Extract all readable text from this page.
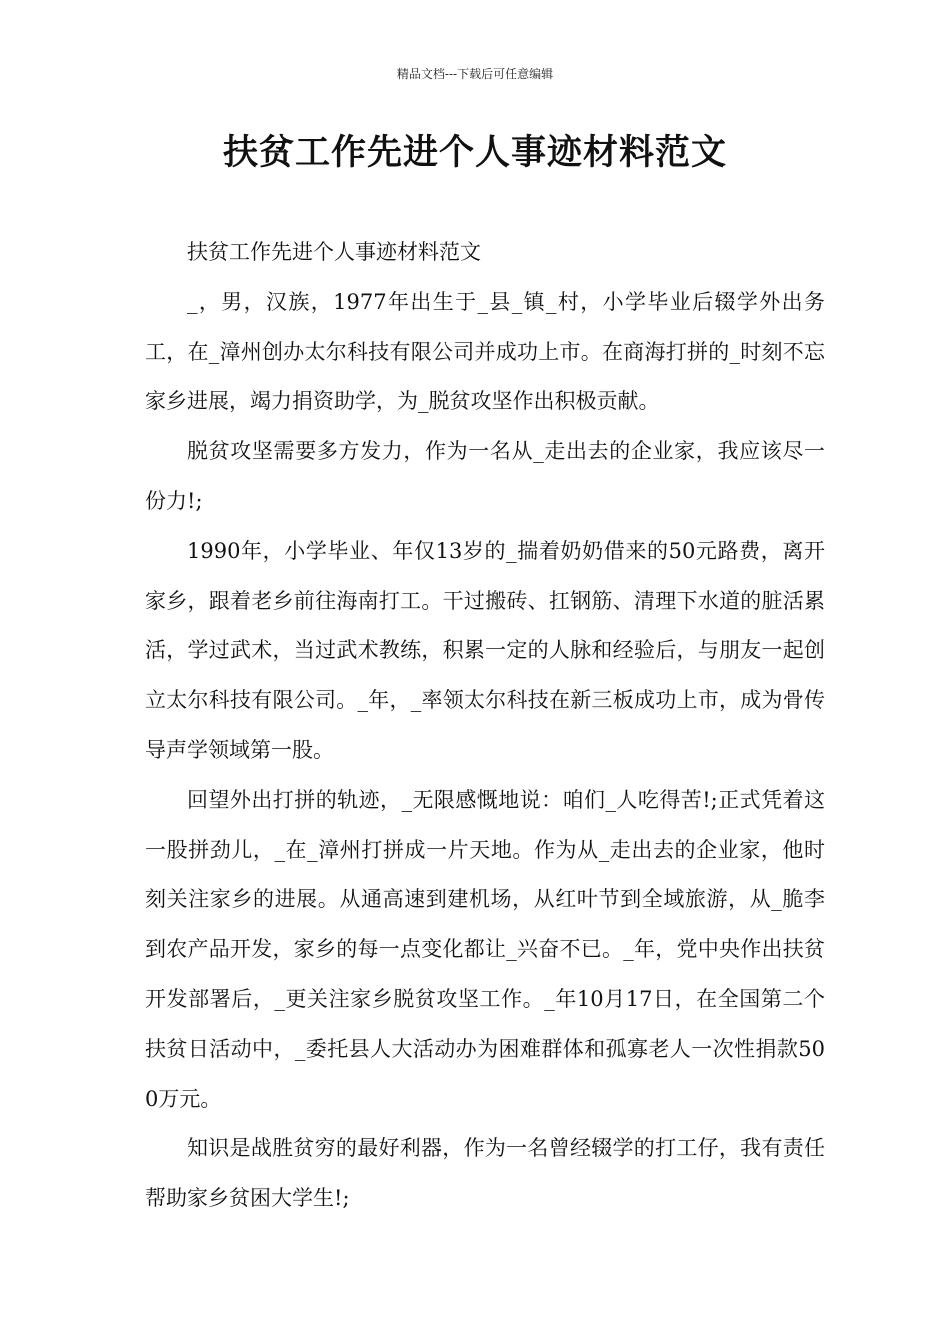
精品文档---下载后可任意编辑
扶贫工作先进个人事迹材料范文

扶贫工作先进个人事迹材料范文

_，男，汉族，1977年出生于_县_镇_村，小学毕业后辍学外出务工，在_漳州创办太尔科技有限公司并成功上市。在商海打拼的_时刻不忘家乡进展，竭力捐资助学，为_脱贫攻坚作出积极贡献。

脱贫攻坚需要多方发力，作为一名从_走出去的企业家，我应该尽一份力!;

1990年，小学毕业、年仅13岁的_揣着奶奶借来的50元路费，离开家乡，跟着老乡前往海南打工。干过搬砖、扛钢筋、清理下水道的脏活累活，学过武术，当过武术教练，积累一定的人脉和经验后，与朋友一起创立太尔科技有限公司。_年，_率领太尔科技在新三板成功上市，成为骨传导声学领域第一股。

回望外出打拼的轨迹，_无限感慨地说：咱们_人吃得苦!;正式凭着这一股拼劲儿，_在_漳州打拼成一片天地。作为从_走出去的企业家，他时刻关注家乡的进展。从通高速到建机场，从红叶节到全域旅游，从_脆李到农产品开发，家乡的每一点变化都让_兴奋不已。_年，党中央作出扶贫开发部署后，_更关注家乡脱贫攻坚工作。_年10月17日，在全国第二个扶贫日活动中，_委托县人大活动办为困难群体和孤寡老人一次性捐款500万元。

知识是战胜贫穷的最好利器，作为一名曾经辍学的打工仔，我有责任帮助家乡贫困大学生!;
